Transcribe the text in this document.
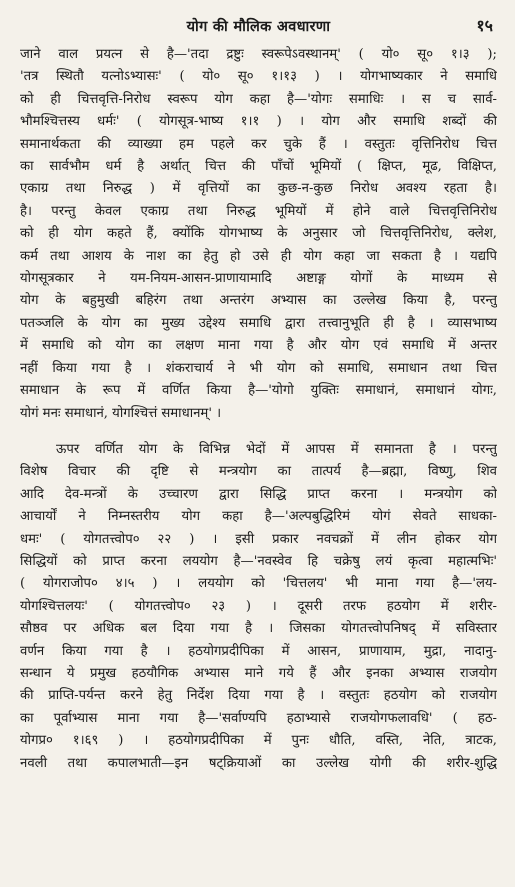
योग की मौलिक अवधारणा	१५

जाने वाल प्रयत्न से है—'तदा द्रष्टुः स्वरूपेऽवस्थानम्' ( यो० सू० १।३ );

'तत्र स्थितौ यत्नोऽभ्यासः' ( यो० सू० १।१३ ) । योगभाष्यकार ने समाधि

को ही चित्तवृत्ति-निरोध स्वरूप योग कहा है—'योगः समाधिः । स च सार्व-

भौमश्चित्तस्य धर्मः' ( योगसूत्र-भाष्य १।१ ) । योग और समाधि शब्दों की

समानार्थकता की व्याख्या हम पहले कर चुके हैं । वस्तुतः वृत्तिनिरोध चित्त

का सार्वभौम धर्म है अर्थात् चित्त की पाँचों भूमियों ( क्षिप्त, मूढ, विक्षिप्त,

एकाग्र तथा निरुद्ध ) में वृत्तियों का कुछ-न-कुछ निरोध अवश्य रहता है।

है। परन्तु केवल एकाग्र तथा निरुद्ध भूमियों में होने वाले चित्तवृत्तिनिरोध

को ही योग कहते हैं, क्योंकि योगभाष्य के अनुसार जो चित्तवृत्तिनिरोध, क्लेश,

कर्म तथा आशय के नाश का हेतु हो उसे ही योग कहा जा सकता है । यद्यपि

योगसूत्रकार ने यम-नियम-आसन-प्राणायामादि अष्टाङ्ग योगों के माध्यम से

योग के बहुमुखी बहिरंग तथा अन्तरंग अभ्यास का उल्लेख किया है, परन्तु

पतञ्जलि के योग का मुख्य उद्देश्य समाधि द्वारा तत्त्वानुभूति ही है । व्यासभाष्य

में समाधि को योग का लक्षण माना गया है और योग एवं समाधि में अन्तर

नहीं किया गया है । शंकराचार्य ने भी योग को समाधि, समाधान तथा चित्त

समाधान के रूप में वर्णित किया है—'योगो युक्तिः समाधानं, समाधानं योगः,

योगं मनः समाधानं, योगश्चित्तं समाधानम्' ।

ऊपर वर्णित योग के विभिन्न भेदों में आपस में समानता है । परन्तु

विशेष विचार की दृष्टि से मन्त्रयोग का तात्पर्य है—ब्रह्मा, विष्णु, शिव

आदि देव-मन्त्रों के उच्चारण द्वारा सिद्धि प्राप्त करना । मन्त्रयोग को

आचार्यों ने निम्नस्तरीय योग कहा है—'अल्पबुद्धिरिमं योगं सेवते साधका-

धमः' ( योगतत्त्वोप० २२ ) । इसी प्रकार नवचक्रों में लीन होकर योग

सिद्धियों को प्राप्त करना लययोग है—'नवस्वेव हि चक्रेषु लयं कृत्वा महात्मभिः'

( योगराजोप० ४।५ ) । लययोग को 'चित्तलय' भी माना गया है—'लय-

योगश्चित्तलयः' ( योगतत्त्वोप० २३ ) । दूसरी तरफ हठयोग में शरीर-

सौष्ठव पर अधिक बल दिया गया है । जिसका योगतत्त्वोपनिषद् में सविस्तार

वर्णन किया गया है । हठयोगप्रदीपिका में आसन, प्राणायाम, मुद्रा, नादानु-

सन्धान ये प्रमुख हठयौगिक अभ्यास माने गये हैं और इनका अभ्यास राजयोग

की प्राप्ति-पर्यन्त करने हेतु निर्देश दिया गया है । वस्तुतः हठयोग को राजयोग

का पूर्वाभ्यास माना गया है—'सर्वाण्यपि हठाभ्यासे राजयोगफलावधि' ( हठ-

योगप्र० १।६९ ) । हठयोगप्रदीपिका में पुनः धौति, वस्ति, नेति, त्राटक,

नवली तथा कपालभाती—इन षट्क्रियाओं का उल्लेख योगी की शरीर-शुद्धि
